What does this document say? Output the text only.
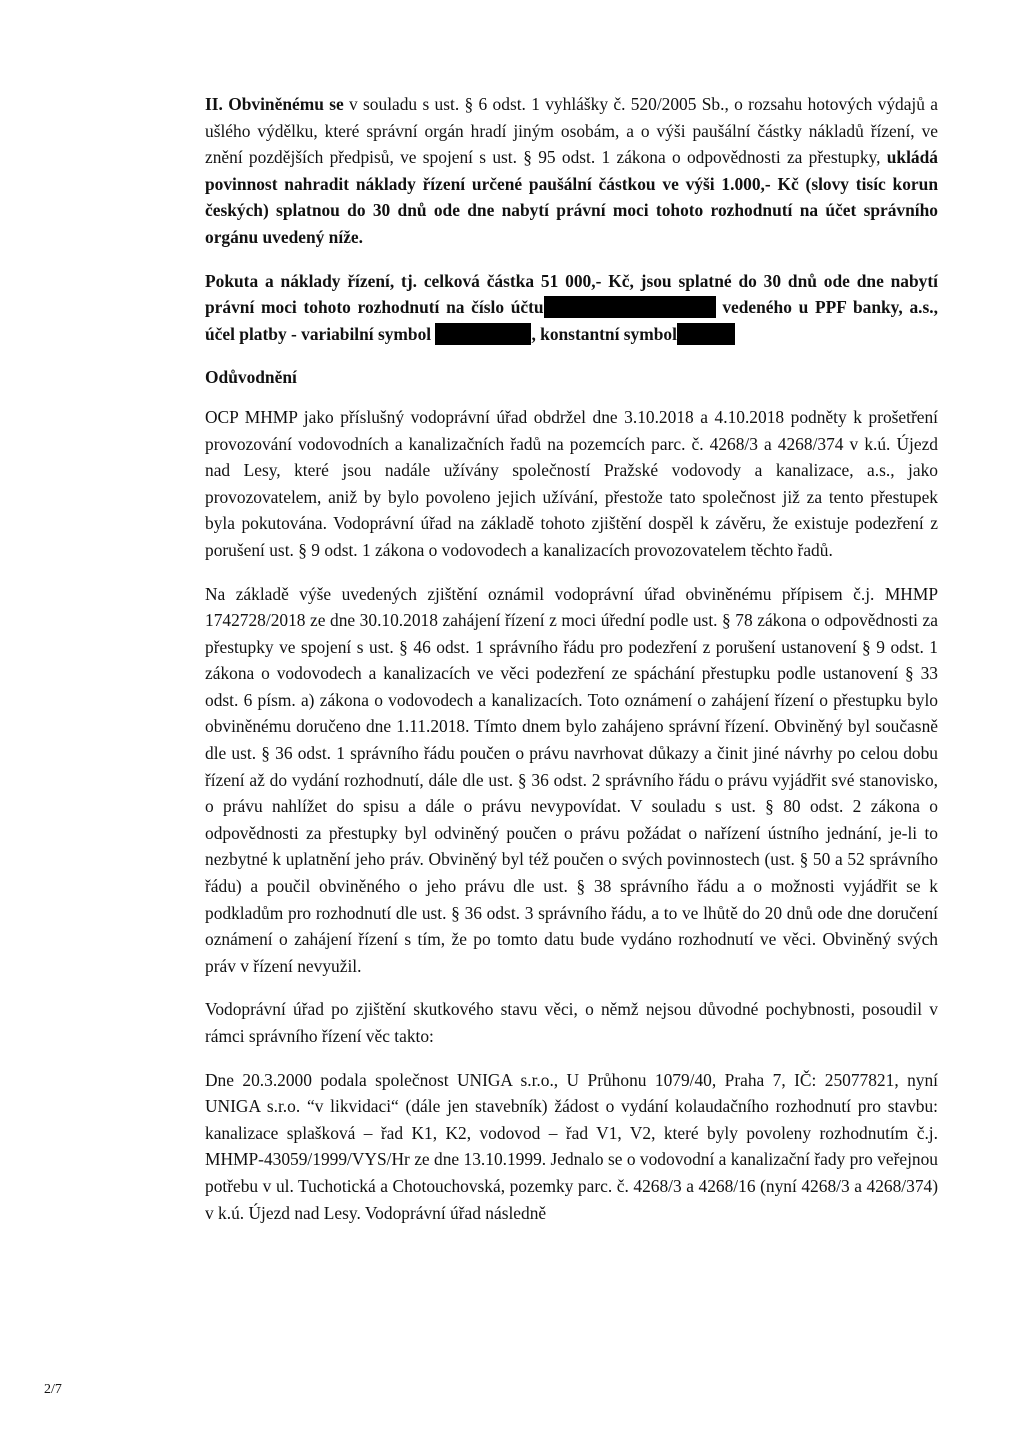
II. Obviněnému se v souladu s ust. § 6 odst. 1 vyhlášky č. 520/2005 Sb., o rozsahu hotových výdajů a ušlého výdělku, které správní orgán hradí jiným osobám, a o výši paušální částky nákladů řízení, ve znění pozdějších předpisů, ve spojení s ust. § 95 odst. 1 zákona o odpovědnosti za přestupky, ukládá povinnost nahradit náklady řízení určené paušální částkou ve výši 1.000,- Kč (slovy tisíc korun českých) splatnou do 30 dnů ode dne nabytí právní moci tohoto rozhodnutí na účet správního orgánu uvedený níže.

Pokuta a náklady řízení, tj. celková částka 51 000,- Kč, jsou splatné do 30 dnů ode dne nabytí právní moci tohoto rozhodnutí na číslo účtu	vedeného u PPF banky, a.s., účel platby - variabilní symbol	, konstantní symbol

Odůvodnění

OCP MHMP jako příslušný vodoprávní úřad obdržel dne 3.10.2018 a 4.10.2018 podněty k prošetření provozování vodovodních a kanalizačních řadů na pozemcích parc. č. 4268/3 a 4268/374 v k.ú. Újezd nad Lesy, které jsou nadále užívány společností Pražské vodovody a kanalizace, a.s., jako provozovatelem, aniž by bylo povoleno jejich užívání, přestože tato společnost již za tento přestupek byla pokutována. Vodoprávní úřad na základě tohoto zjištění dospěl k závěru, že existuje podezření z porušení ust. § 9 odst. 1 zákona o vodovodech a kanalizacích provozovatelem těchto řadů.

Na základě výše uvedených zjištění oznámil vodoprávní úřad obviněnému přípisem č.j. MHMP 1742728/2018 ze dne 30.10.2018 zahájení řízení z moci úřední podle ust. § 78 zákona o odpovědnosti za přestupky ve spojení s ust. § 46 odst. 1 správního řádu pro podezření z porušení ustanovení § 9 odst. 1 zákona o vodovodech a kanalizacích ve věci podezření ze spáchání přestupku podle ustanovení § 33 odst. 6 písm. a) zákona o vodovodech a kanalizacích. Toto oznámení o zahájení řízení o přestupku bylo obviněnému doručeno dne 1.11.2018. Tímto dnem bylo zahájeno správní řízení. Obviněný byl současně dle ust. § 36 odst. 1 správního řádu poučen o právu navrhovat důkazy a činit jiné návrhy po celou dobu řízení až do vydání rozhodnutí, dále dle ust. § 36 odst. 2 správního řádu o právu vyjádřit své stanovisko, o právu nahlížet do spisu a dále o právu nevypovídat. V souladu s ust. § 80 odst. 2 zákona o odpovědnosti za přestupky byl odviněný poučen o právu požádat o nařízení ústního jednání, je-li to nezbytné k uplatnění jeho práv. Obviněný byl též poučen o svých povinnostech (ust. § 50 a 52 správního řádu) a poučil obviněného o jeho právu dle ust. § 38 správního řádu a o možnosti vyjádřit se k podkladům pro rozhodnutí dle ust. § 36 odst. 3 správního řádu, a to ve lhůtě do 20 dnů ode dne doručení oznámení o zahájení řízení s tím, že po tomto datu bude vydáno rozhodnutí ve věci. Obviněný svých práv v řízení nevyužil.

Vodoprávní úřad po zjištění skutkového stavu věci, o němž nejsou důvodné pochybnosti, posoudil v rámci správního řízení věc takto:

Dne 20.3.2000 podala společnost UNIGA s.r.o., U Průhonu 1079/40, Praha 7, IČ: 25077821, nyní UNIGA s.r.o. “v likvidaci“ (dále jen stavebník) žádost o vydání kolaudačního rozhodnutí pro stavbu: kanalizace splašková – řad K1, K2, vodovod – řad V1, V2, které byly povoleny rozhodnutím č.j. MHMP-43059/1999/VYS/Hr ze dne 13.10.1999. Jednalo se o vodovodní a kanalizační řady pro veřejnou potřebu v ul. Tuchotická a Chotouchovská, pozemky parc. č. 4268/3 a 4268/16 (nyní 4268/3 a 4268/374) v k.ú. Újezd nad Lesy. Vodoprávní úřad následně

2/7
